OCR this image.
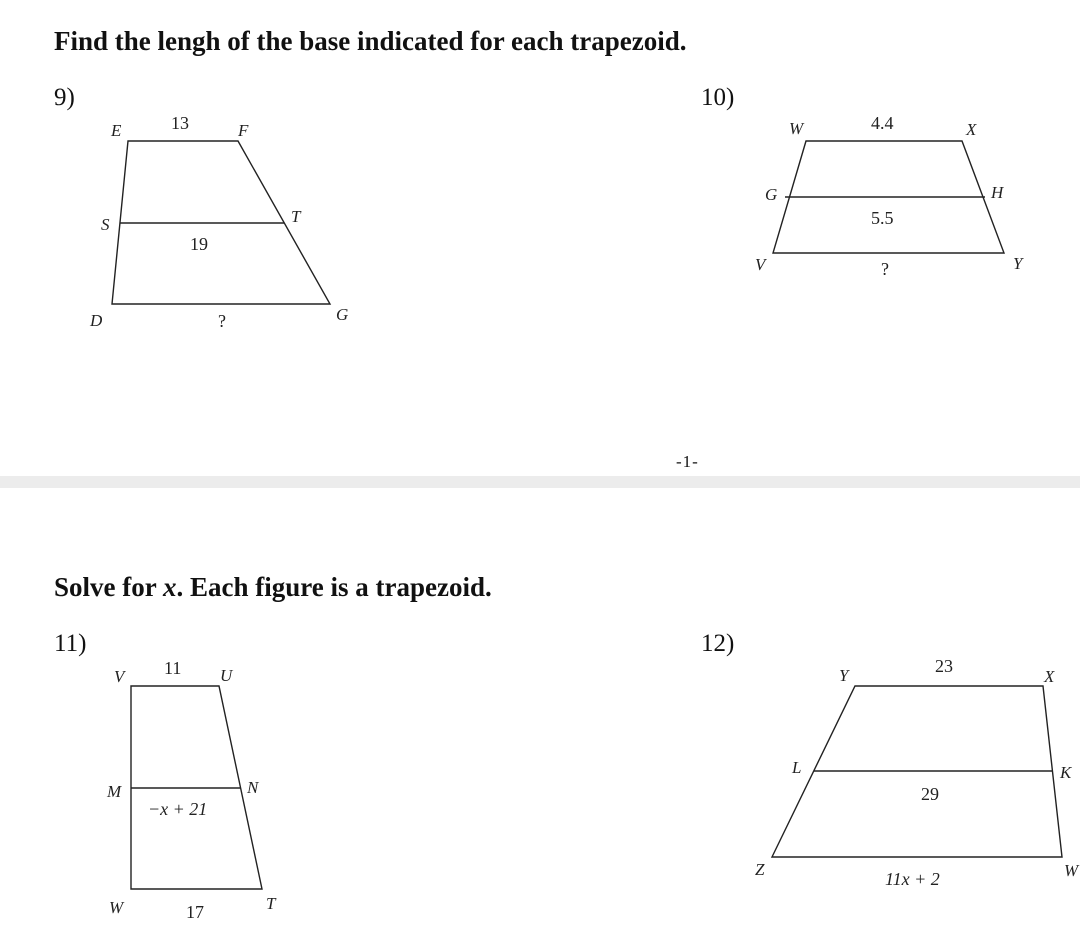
Find the lengh of the base indicated for each trapezoid.
9)	10)
E	F
S	T
D	G
13
19
?
W	X
G	H
V	Y
4.4
5.5
?
-1-
Solve for x. Each figure is a trapezoid.
11)	12)
V	U
M	N
W	T
11
−x + 21
17
Y	X
L	K
Z	W
23
29
11x + 2
